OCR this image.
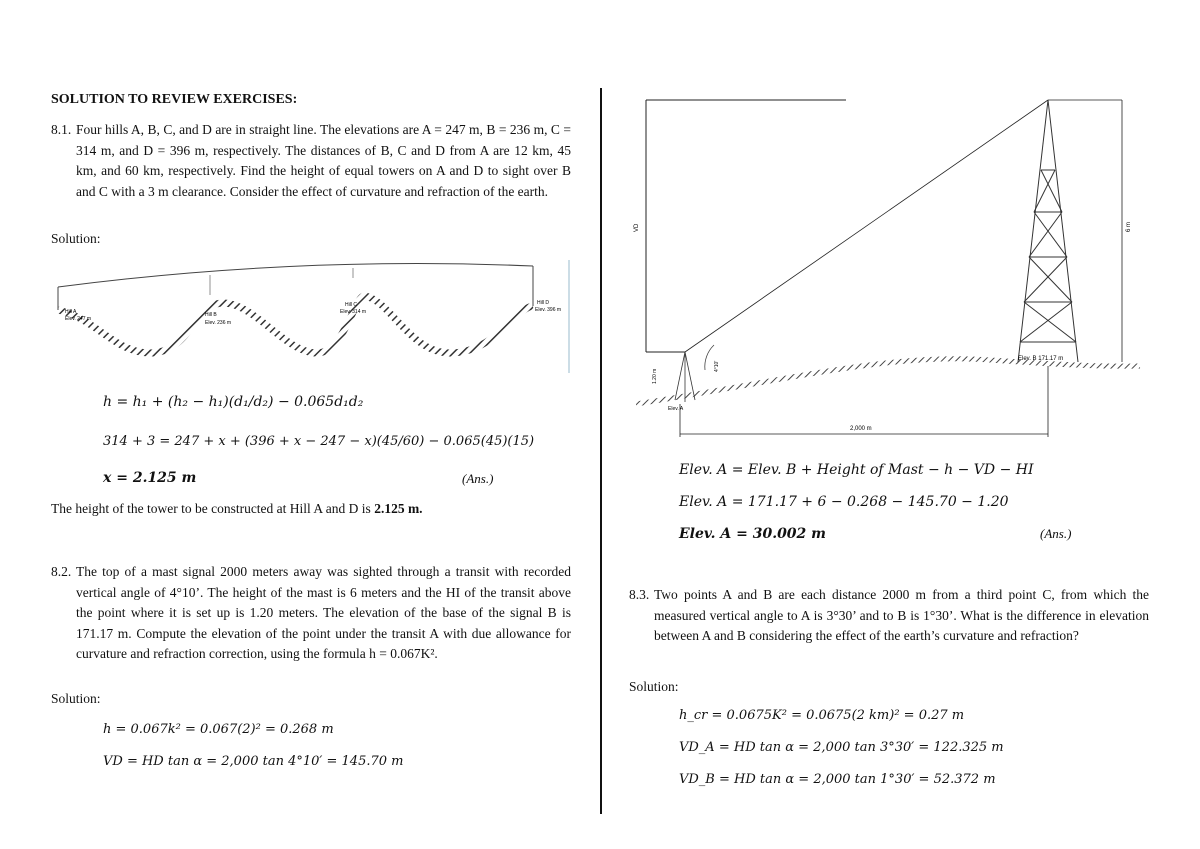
SOLUTION TO REVIEW EXERCISES:
8.1. Four hills A, B, C, and D are in straight line. The elevations are A = 247 m, B = 236 m, C = 314 m, and D = 396 m, respectively. The distances of B, C and D from A are 12 km, 45 km, and 60 km, respectively. Find the height of equal towers on A and D to sight over B and C with a 3 m clearance. Consider the effect of curvature and refraction of the earth.
Solution:
Hill A
Elev. 247 m
Hill B
Elev. 236 m
Hill C
Elev. 314 m
Hill D
Elev. 396 m
h = h₁ + (h₂ − h₁)(d₁/d₂) − 0.065d₁d₂
314 + 3 = 247 + x + (396 + x − 247 − x)(45/60) − 0.065(45)(15)
x = 2.125 m	(Ans.)
The height of the tower to be constructed at Hill A and D is 2.125 m.
8.2. The top of a mast signal 2000 meters away was sighted through a transit with recorded vertical angle of 4°10’. The height of the mast is 6 meters and the HI of the transit above the point where it is set up is 1.20 meters. The elevation of the base of the signal B is 171.17 m. Compute the elevation of the point under the transit A with due allowance for curvature and refraction correction, using the formula h = 0.067K².
Solution:
h = 0.067k² = 0.067(2)² = 0.268 m
VD = HD tan α = 2,000 tan 4°10′ = 145.70 m
VD	6 m
1.20 m
4°10'
Elev. A
Elev. B 171.17 m
2,000 m
Elev. A = Elev. B + Height of Mast − h − VD − HI
Elev. A = 171.17 + 6 − 0.268 − 145.70 − 1.20
Elev. A = 30.002 m	(Ans.)
8.3. Two points A and B are each distance 2000 m from a third point C, from which the measured vertical angle to A is 3°30’ and to B is 1°30’. What is the difference in elevation between A and B considering the effect of the earth’s curvature and refraction?
Solution:
h_cr = 0.0675K² = 0.0675(2 km)² = 0.27 m
VD_A = HD tan α = 2,000 tan 3°30′ = 122.325 m
VD_B = HD tan α = 2,000 tan 1°30′ = 52.372 m
